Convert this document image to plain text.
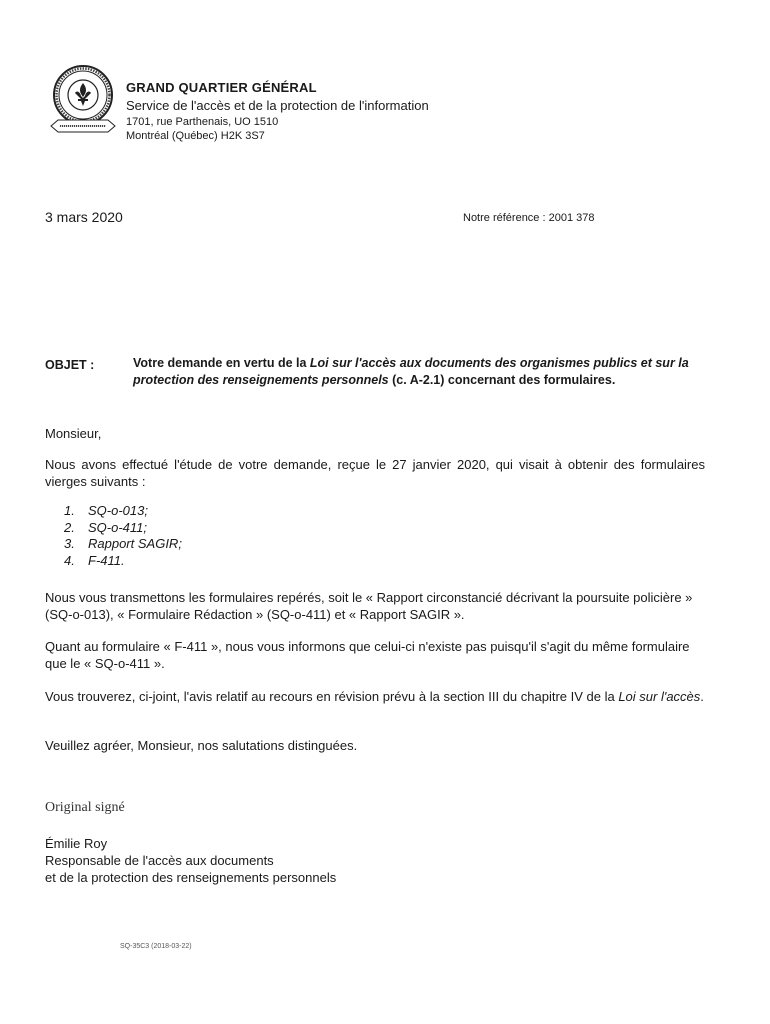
GRAND QUARTIER GÉNÉRAL
Service de l'accès et de la protection de l'information
1701, rue Parthenais, UO 1510
Montréal (Québec) H2K 3S7
3 mars 2020	Notre référence : 2001 378
OBJET :	Votre demande en vertu de la Loi sur l'accès aux documents des organismes publics et sur la protection des renseignements personnels (c. A-2.1) concernant des formulaires.
Monsieur,
Nous avons effectué l'étude de votre demande, reçue le 27 janvier 2020, qui visait à obtenir des formulaires vierges suivants :
1. SQ-o-013;
2. SQ-o-411;
3. Rapport SAGIR;
4. F-411.
Nous vous transmettons les formulaires repérés, soit le « Rapport circonstancié décrivant la poursuite policière » (SQ-o-013), « Formulaire Rédaction » (SQ-o-411) et « Rapport SAGIR ».
Quant au formulaire « F-411 », nous vous informons que celui-ci n'existe pas puisqu'il s'agit du même formulaire que le « SQ-o-411 ».
Vous trouverez, ci-joint, l'avis relatif au recours en révision prévu à la section III du chapitre IV de la Loi sur l'accès.
Veuillez agréer, Monsieur, nos salutations distinguées.
Original signé
Émilie Roy
Responsable de l'accès aux documents
et de la protection des renseignements personnels
SQ-35C3 (2018-03-22)
